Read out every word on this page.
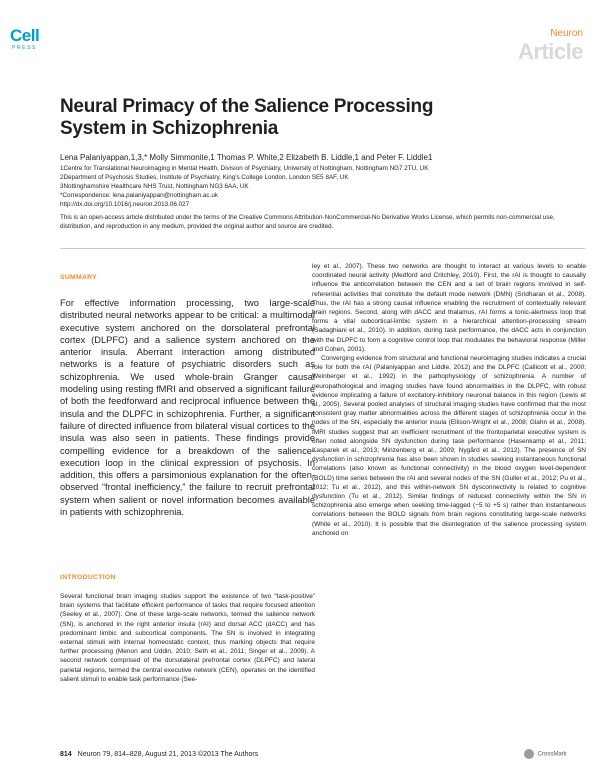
Cell
PRESS
Neuron
Article
Neural Primacy of the Salience Processing System in Schizophrenia
Lena Palaniyappan,1,3,* Molly Simmonite,1 Thomas P. White,2 Elizabeth B. Liddle,1 and Peter F. Liddle1
1Centre for Translational Neuroimaging in Mental Health, Division of Psychiatry, University of Nottingham, Nottingham NG7 2TU, UK
2Department of Psychosis Studies, Institute of Psychiatry, King’s College London, London SE5 8AF, UK
3Nottinghamshire Healthcare NHS Trust, Nottingham NG3 6AA, UK
*Correspondence: lena.palaniyappan@nottingham.ac.uk
http://dx.doi.org/10.1016/j.neuron.2013.06.027
This is an open-access article distributed under the terms of the Creative Commons Attribution-NonCommercial-No Derivative Works License, which permits non-commercial use, distribution, and reproduction in any medium, provided the original author and source are credited.
SUMMARY

For effective information processing, two large-scale distributed neural networks appear to be critical: a multimodal executive system anchored on the dorsolateral prefrontal cortex (DLPFC) and a salience system anchored on the anterior insula. Aberrant interaction among distributed networks is a feature of psychiatric disorders such as schizophrenia. We used whole-brain Granger causal modeling using resting fMRI and observed a significant failure of both the feedforward and reciprocal influence between the insula and the DLPFC in schizophrenia. Further, a significant failure of directed influence from bilateral visual cortices to the insula was also seen in patients. These findings provide compelling evidence for a breakdown of the salience-execution loop in the clinical expression of psychosis. In addition, this offers a parsimonious explanation for the often-observed “frontal inefficiency,” the failure to recruit prefrontal system when salient or novel information becomes available in patients with schizophrenia.

INTRODUCTION

Several functional brain imaging studies support the existence of two “task-positive” brain systems that facilitate efficient performance of tasks that require focused attention (Seeley et al., 2007). One of these large-scale networks, termed the salience network (SN), is anchored in the right anterior insula (rAI) and dorsal ACC (dACC) and has predominant limbic and subcortical components. The SN is involved in integrating external stimuli with internal homeostatic context, thus marking objects that require further processing (Menon and Uddin, 2010; Seth et al., 2011; Singer et al., 2009). A second network comprised of the dorsolateral prefrontal cortex (DLPFC) and lateral parietal regions, termed the central executive network (CEN), operates on the identified salient stimuli to enable task performance (See-

ley et al., 2007). These two networks are thought to interact at various levels to enable coordinated neural activity (Medford and Critchley, 2010). First, the rAI is thought to causally influence the anticorrelation between the CEN and a set of brain regions involved in self-referential activities that constitute the default mode network (DMN) (Sridharan et al., 2008). Thus, the rAI has a strong causal influence enabling the recruitment of contextually relevant brain regions. Second, along with dACC and thalamus, rAI forms a tonic-alertness loop that forms a vital subcortical-limbic system in a hierarchical attention-processing stream (Sadaghiani et al., 2010). In addition, during task performance, the dACC acts in conjunction with the DLPFC to form a cognitive control loop that modulates the behavioral response (Miller and Cohen, 2001).

Converging evidence from structural and functional neuroimaging studies indicates a crucial role for both the rAI (Palaniyappan and Liddle, 2012) and the DLPFC (Callicott et al., 2000; Weinberger et al., 1992) in the pathophysiology of schizophrenia. A number of neuropathological and imaging studies have found abnormalities in the DLPFC, with robust evidence implicating a failure of excitatory-inhibitory neuronal balance in this region (Lewis et al., 2005). Several pooled analyses of structural imaging studies have confirmed that the most consistent gray matter abnormalities across the different stages of schizophrenia occur in the nodes of the SN, especially the anterior insula (Ellison-Wright et al., 2008; Glahn et al., 2008). fMRI studies suggest that an inefficient recruitment of the frontoparietal executive system is often noted alongside SN dysfunction during task performance (Hasenkamp et al., 2011; Kasparek et al., 2013; Minzenberg et al., 2009; Nygård et al., 2012). The presence of SN dysfunction in schizophrenia has also been shown in studies seeking instantaneous functional correlations (also known as functional connectivity) in the blood oxygen level-dependent (BOLD) time series between the rAI and several nodes of the SN (Guller et al., 2012; Pu et al., 2012; Tu et al., 2012), and this within-network SN dysconnectivity is related to cognitive dysfunction (Tu et al., 2012). Similar findings of reduced connectivity within the SN in schizophrenia also emerge when seeking time-lagged (−5 to +5 s) rather than instantaneous correlations between the BOLD signals from brain regions constituting large-scale networks (White et al., 2010). It is possible that the disintegration of the salience processing system anchored on

814 Neuron 79, 814–828, August 21, 2013 ©2013 The Authors	CrossMark
